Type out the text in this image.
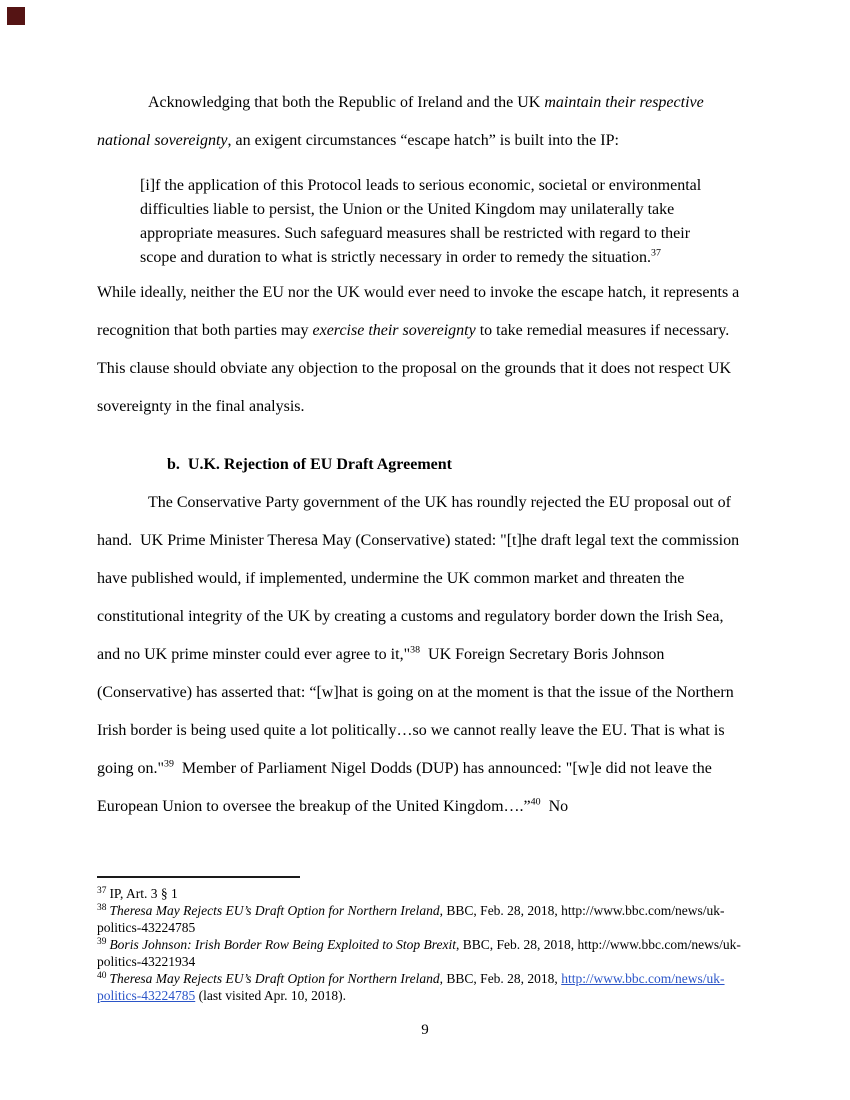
Acknowledging that both the Republic of Ireland and the UK maintain their respective national sovereignty, an exigent circumstances “escape hatch” is built into the IP:

[i]f the application of this Protocol leads to serious economic, societal or environmental difficulties liable to persist, the Union or the United Kingdom may unilaterally take appropriate measures. Such safeguard measures shall be restricted with regard to their scope and duration to what is strictly necessary in order to remedy the situation.$^{37}$

While ideally, neither the EU nor the UK would ever need to invoke the escape hatch, it represents a recognition that both parties may exercise their sovereignty to take remedial measures if necessary.  This clause should obviate any objection to the proposal on the grounds that it does not respect UK sovereignty in the final analysis.

b.  U.K. Rejection of EU Draft Agreement

The Conservative Party government of the UK has roundly rejected the EU proposal out of hand.  UK Prime Minister Theresa May (Conservative) stated: "[t]he draft legal text the commission have published would, if implemented, undermine the UK common market and threaten the constitutional integrity of the UK by creating a customs and regulatory border down the Irish Sea, and no UK prime minster could ever agree to it,"$^{38}$  UK Foreign Secretary Boris Johnson (Conservative) has asserted that: “[w]hat is going on at the moment is that the issue of the Northern Irish border is being used quite a lot politically…so we cannot really leave the EU. That is what is going on."$^{39}$  Member of Parliament Nigel Dodds (DUP) has announced: "[w]e did not leave the European Union to oversee the breakup of the United Kingdom….”$^{40}$  No

$^{37}$ IP, Art. 3 § 1

$^{38}$ Theresa May Rejects EU’s Draft Option for Northern Ireland, BBC, Feb. 28, 2018, http://www.bbc.com/news/uk-politics-43224785

$^{39}$ Boris Johnson: Irish Border Row Being Exploited to Stop Brexit, BBC, Feb. 28, 2018, http://www.bbc.com/news/uk-politics-43221934

$^{40}$ Theresa May Rejects EU’s Draft Option for Northern Ireland, BBC, Feb. 28, 2018, http://www.bbc.com/news/uk-politics-43224785 (last visited Apr. 10, 2018).

9
